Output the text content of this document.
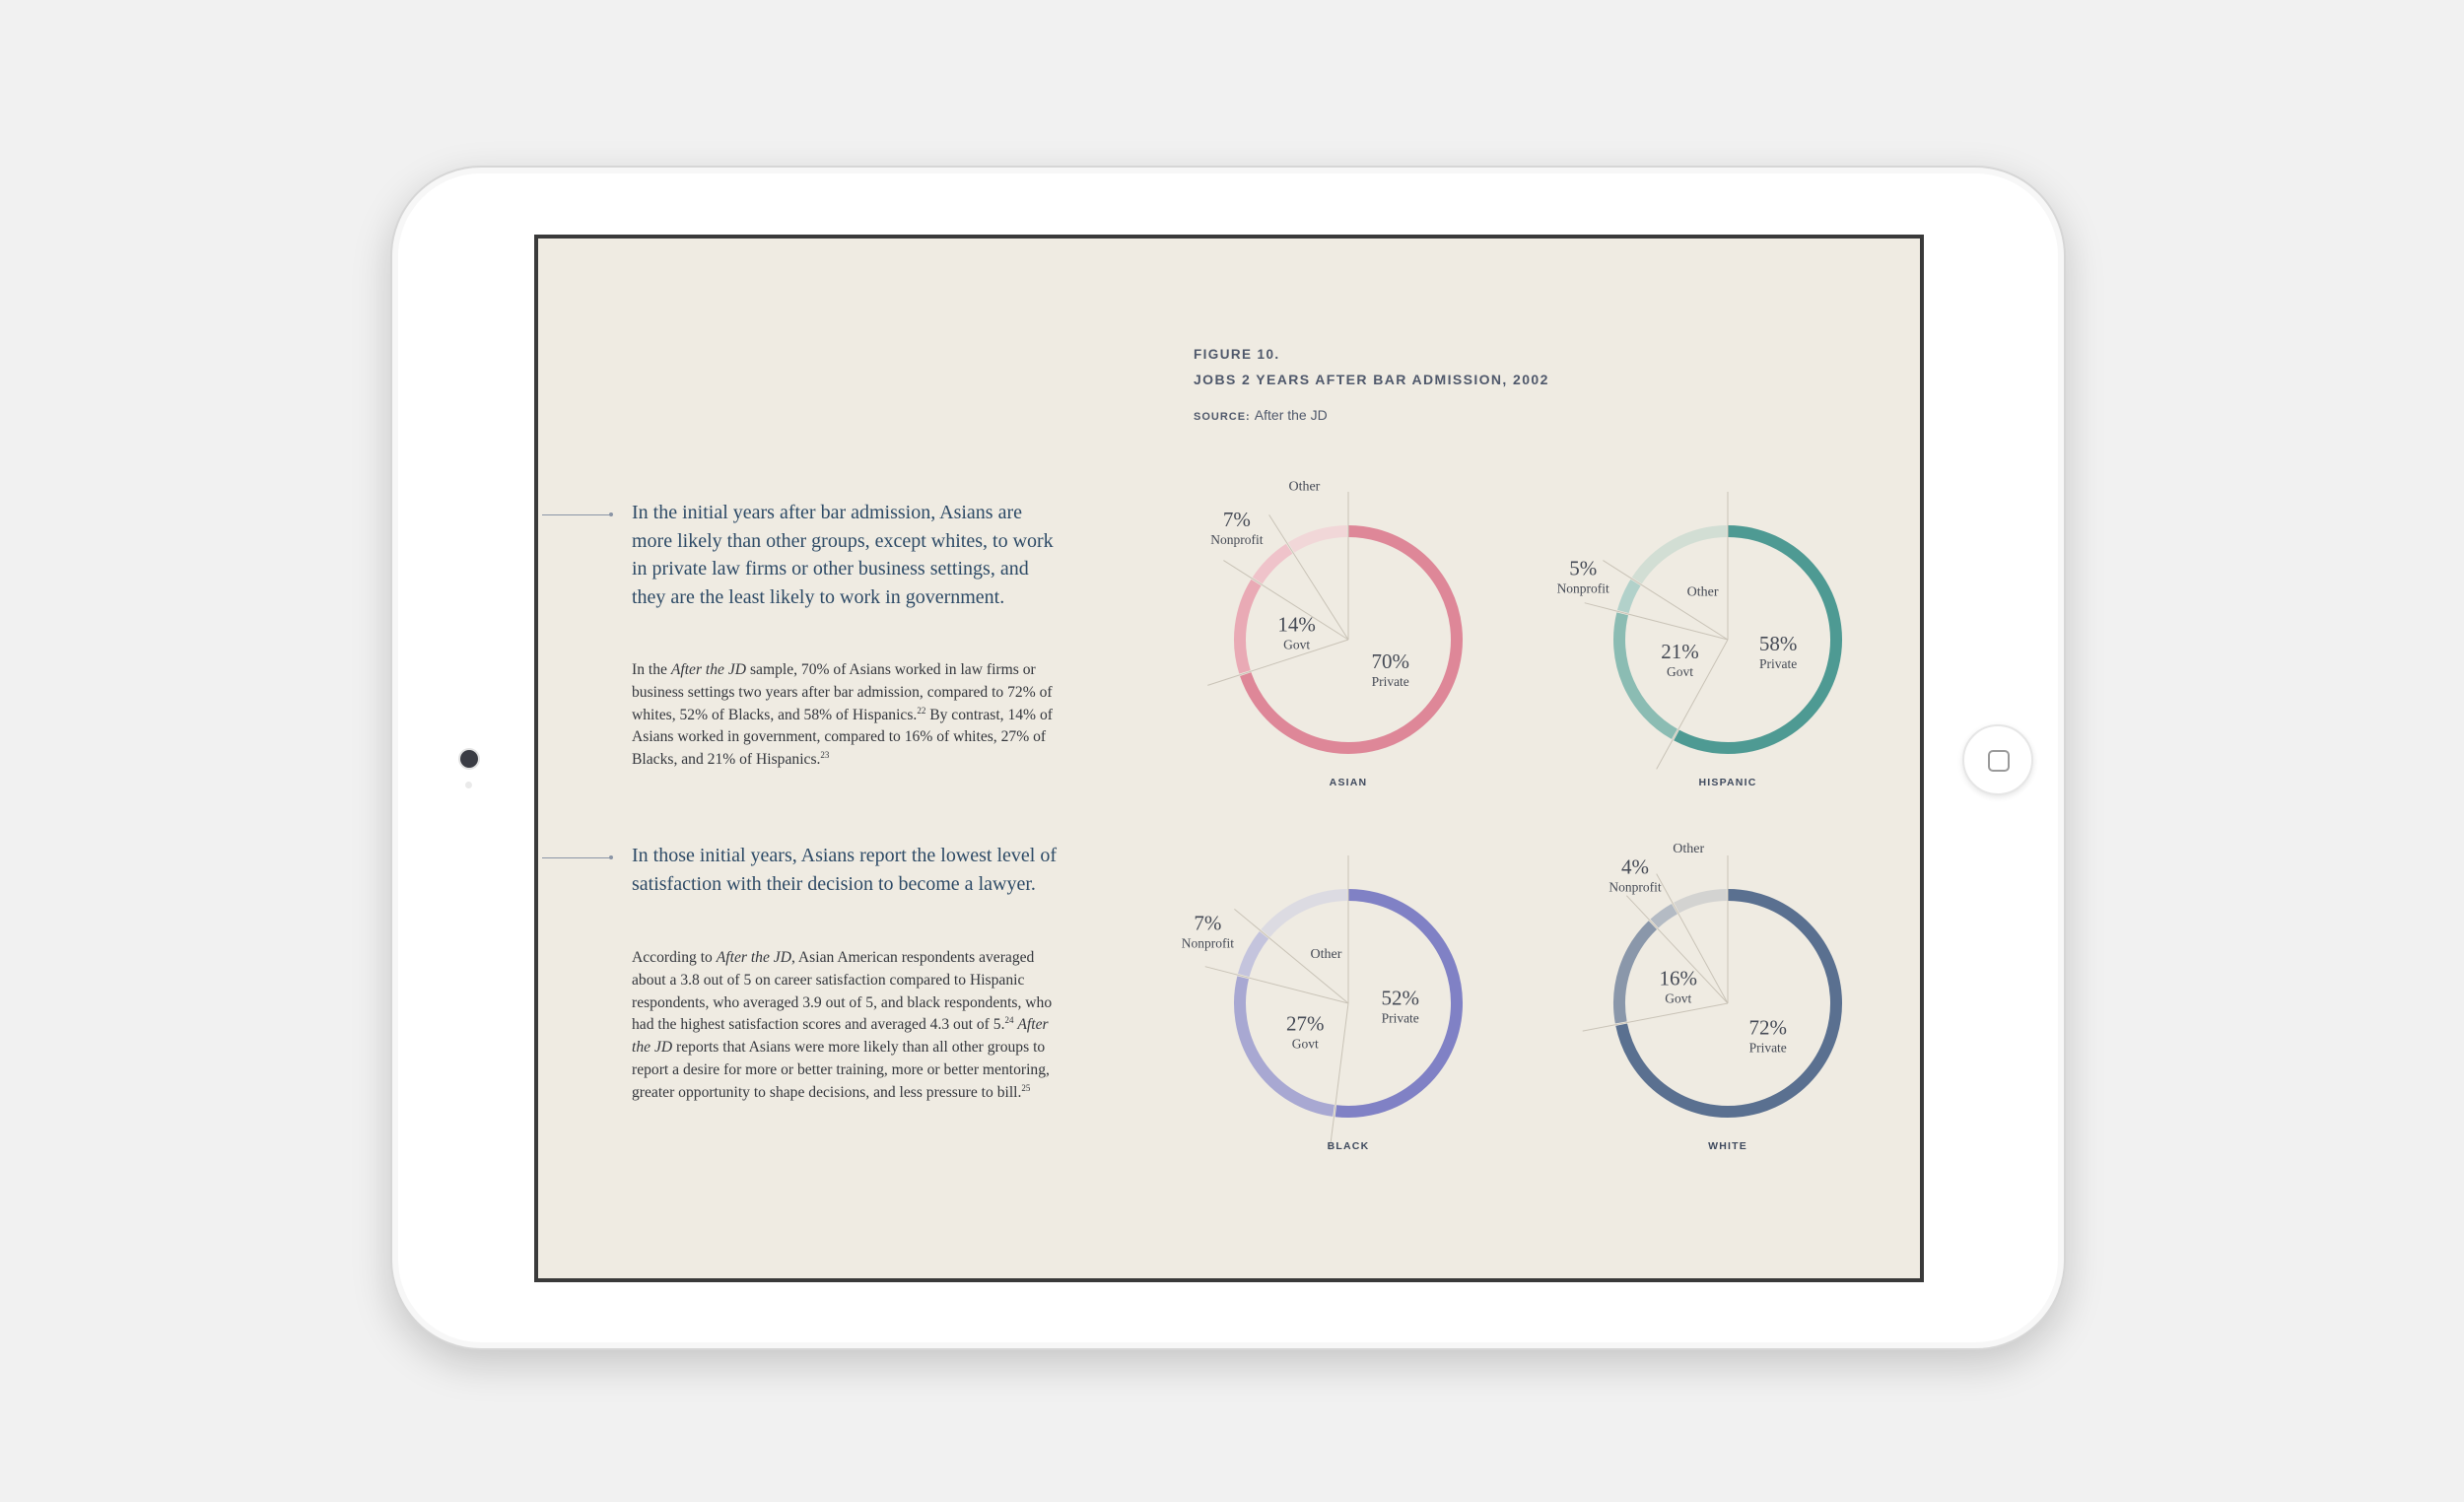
In the initial years after bar admission, Asians are more likely than other groups, except whites, to work in private law firms or other business settings, and they are the least likely to work in government.
In the After the JD sample, 70% of Asians worked in law firms or business settings two years after bar admission, compared to 72% of whites, 52% of Blacks, and 58% of Hispanics.$^{22}$ By contrast, 14% of Asians worked in government, compared to 16% of whites, 27% of Blacks, and 21% of Hispanics.$^{23}$
In those initial years, Asians report the lowest level of satisfaction with their decision to become a lawyer.
According to After the JD, Asian American respondents averaged about a 3.8 out of 5 on career satisfaction compared to Hispanic respondents, who averaged 3.9 out of 5, and black respondents, who had the highest satisfaction scores and averaged 4.3 out of 5.24 After the JD reports that Asians were more likely than all other groups to report a desire for more or better training, more or better mentoring, greater opportunity to shape decisions, and less pressure to bill.$^{25}$
FIGURE 10.
JOBS 2 YEARS AFTER BAR ADMISSION, 2002
SOURCE: After the JD
70%
Private
14%
Govt
7%
Nonprofit
Other
ASIAN
58%
Private
21%
Govt
5%
Nonprofit	Other
HISPANIC
52%
Private
27%
Govt
7%
Nonprofit
Other
BLACK
72%
Private
16%
Govt
4%
Nonprofit
Other
WHITE
